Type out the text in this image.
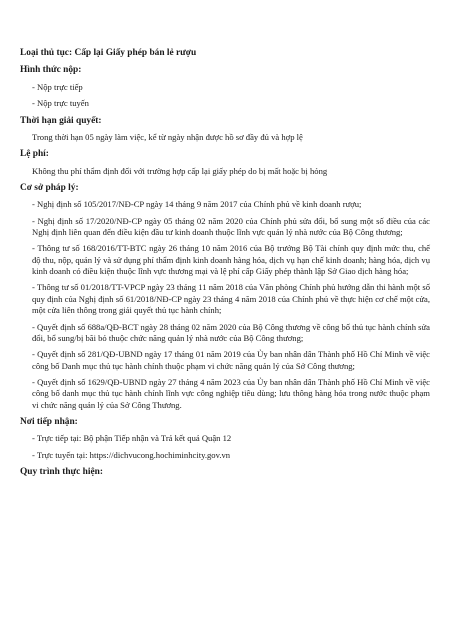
Loại thủ tục: Cấp lại Giấy phép bán lẻ rượu
Hình thức nộp:
- Nộp trực tiếp
- Nộp trực tuyến
Thời hạn giải quyết:
Trong thời hạn 05 ngày làm việc, kể từ ngày nhận được hồ sơ đầy đủ và hợp lệ
Lệ phí:
Không thu phí thẩm định đối với trường hợp cấp lại giấy phép do bị mất hoặc bị hỏng
Cơ sở pháp lý:
- Nghị định số 105/2017/NĐ-CP ngày 14 tháng 9 năm 2017 của Chính phủ về kinh doanh rượu;
- Nghị định số 17/2020/NĐ-CP ngày 05 tháng 02 năm 2020 của Chính phủ sửa đổi, bổ sung một số điều của các Nghị định liên quan đến điều kiện đầu tư kinh doanh thuộc lĩnh vực quản lý nhà nước của Bộ Công thương;
- Thông tư số 168/2016/TT-BTC ngày 26 tháng 10 năm 2016 của Bộ trưởng Bộ Tài chính quy định mức thu, chế độ thu, nộp, quản lý và sử dụng phí thẩm định kinh doanh hàng hóa, dịch vụ hạn chế kinh doanh; hàng hóa, dịch vụ kinh doanh có điều kiện thuộc lĩnh vực thương mại và lệ phí cấp Giấy phép thành lập Sở Giao dịch hàng hóa;
- Thông tư số 01/2018/TT-VPCP ngày 23 tháng 11 năm 2018 của Văn phòng Chính phủ hướng dẫn thi hành một số quy định của Nghị định số 61/2018/NĐ-CP ngày 23 tháng 4 năm 2018 của Chính phủ về thực hiện cơ chế một cửa, một cửa liên thông trong giải quyết thủ tục hành chính;
- Quyết định số 688a/QĐ-BCT ngày 28 tháng 02 năm 2020 của Bộ Công thương về công bố thủ tục hành chính sửa đổi, bổ sung/bị bãi bỏ thuộc chức năng quản lý nhà nước của Bộ Công thương;
- Quyết định số 281/QĐ-UBND ngày 17 tháng 01 năm 2019 của Ủy ban nhân dân Thành phố Hồ Chí Minh về việc công bố Danh mục thủ tục hành chính thuộc phạm vi chức năng quản lý của Sở Công thương;
- Quyết định số 1629/QĐ-UBND ngày 27 tháng 4 năm 2023 của Ủy ban nhân dân Thành phố Hồ Chí Minh về việc công bố danh mục thủ tục hành chính lĩnh vực công nghiệp tiêu dùng; lưu thông hàng hóa trong nước thuộc phạm vi chức năng quản lý của Sở Công Thương.
Nơi tiếp nhận:
- Trực tiếp tại: Bộ phận Tiếp nhận và Trả kết quả Quận 12
- Trực tuyến tại: https://dichvucong.hochiminhcity.gov.vn
Quy trình thực hiện:
